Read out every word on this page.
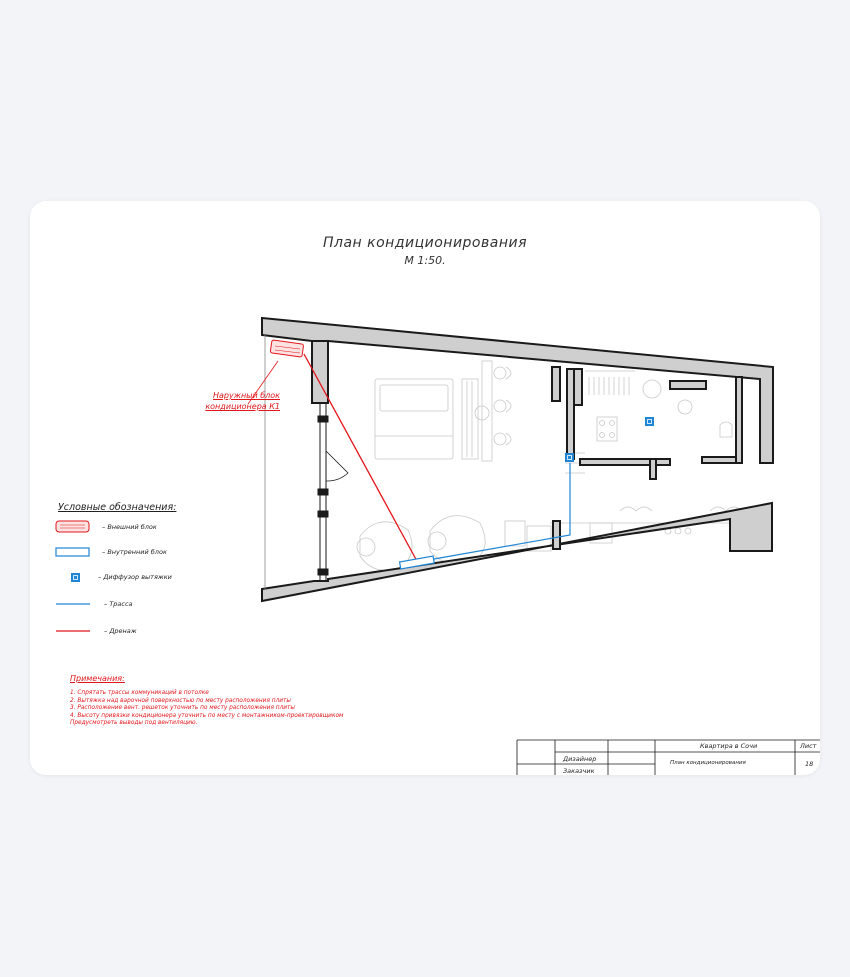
План кондиционирования
М 1:50.
Наружный блок
кондиционера К1
Условные обозначения:
– Внешний блок
– Внутренний блок
– Диффузор вытяжки
– Трасса
– Дренаж
Примечания:
1. Спрятать трассы коммуникаций в потолке
2. Вытяжка над варочной поверхностью по месту расположения плиты
3. Расположение вент. решеток уточнить по месту расположения плиты
4. Высоту привязки кондиционера уточнить по месту с монтажником-проектировщиком
Предусмотреть выводы под вентиляцию.
Квартира в Сочи	Лист
Дизайнер	План кондиционирования	18
Заказчик
